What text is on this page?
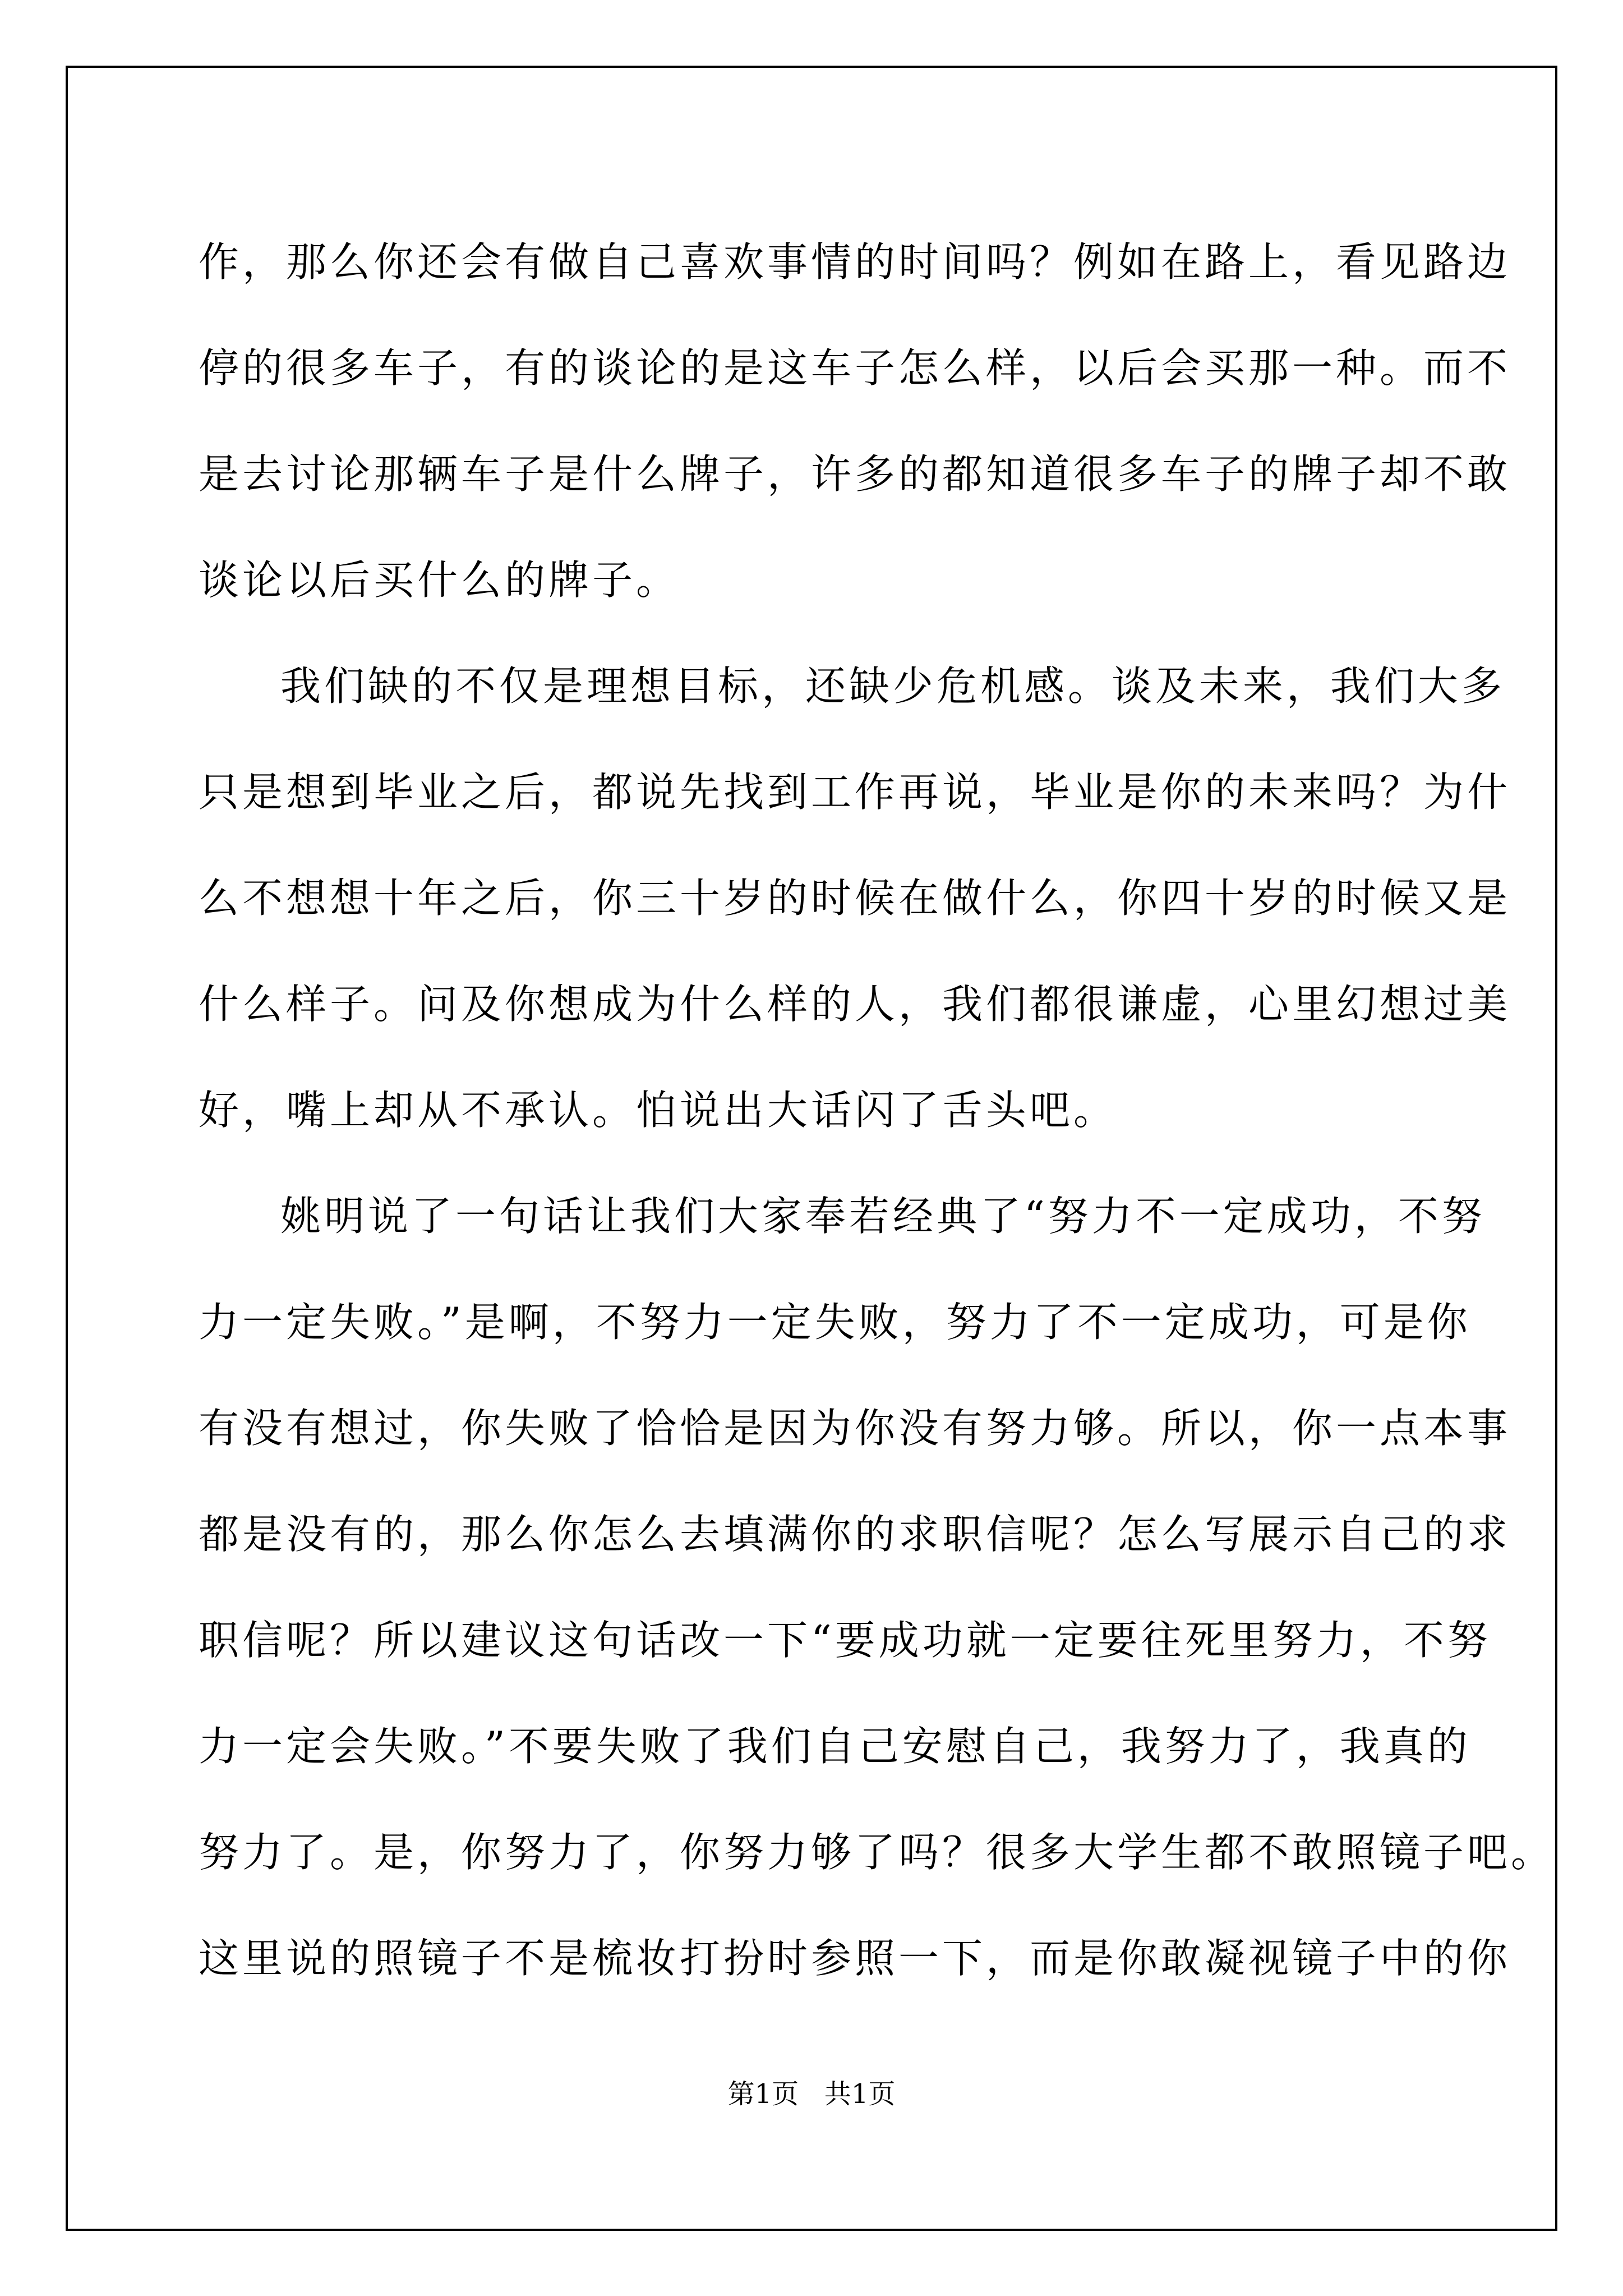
作，那么你还会有做自己喜欢事情的时间吗？例如在路上，看见路边
停的很多车子，有的谈论的是这车子怎么样，以后会买那一种。而不
是去讨论那辆车子是什么牌子，许多的都知道很多车子的牌子却不敢
谈论以后买什么的牌子。
我们缺的不仅是理想目标，还缺少危机感。谈及未来，我们大多
只是想到毕业之后，都说先找到工作再说，毕业是你的未来吗？为什
么不想想十年之后，你三十岁的时候在做什么，你四十岁的时候又是
什么样子。问及你想成为什么样的人，我们都很谦虚，心里幻想过美
好，嘴上却从不承认。怕说出大话闪了舌头吧。
姚明说了一句话让我们大家奉若经典了“努力不一定成功，不努
力一定失败。”是啊，不努力一定失败，努力了不一定成功，可是你
有没有想过，你失败了恰恰是因为你没有努力够。所以，你一点本事
都是没有的，那么你怎么去填满你的求职信呢？怎么写展示自己的求
职信呢？所以建议这句话改一下“要成功就一定要往死里努力，不努
力一定会失败。”不要失败了我们自己安慰自己，我努力了，我真的
努力了。是，你努力了，你努力够了吗？很多大学生都不敢照镜子吧。
这里说的照镜子不是梳妆打扮时参照一下，而是你敢凝视镜子中的你
第1页   共1页
